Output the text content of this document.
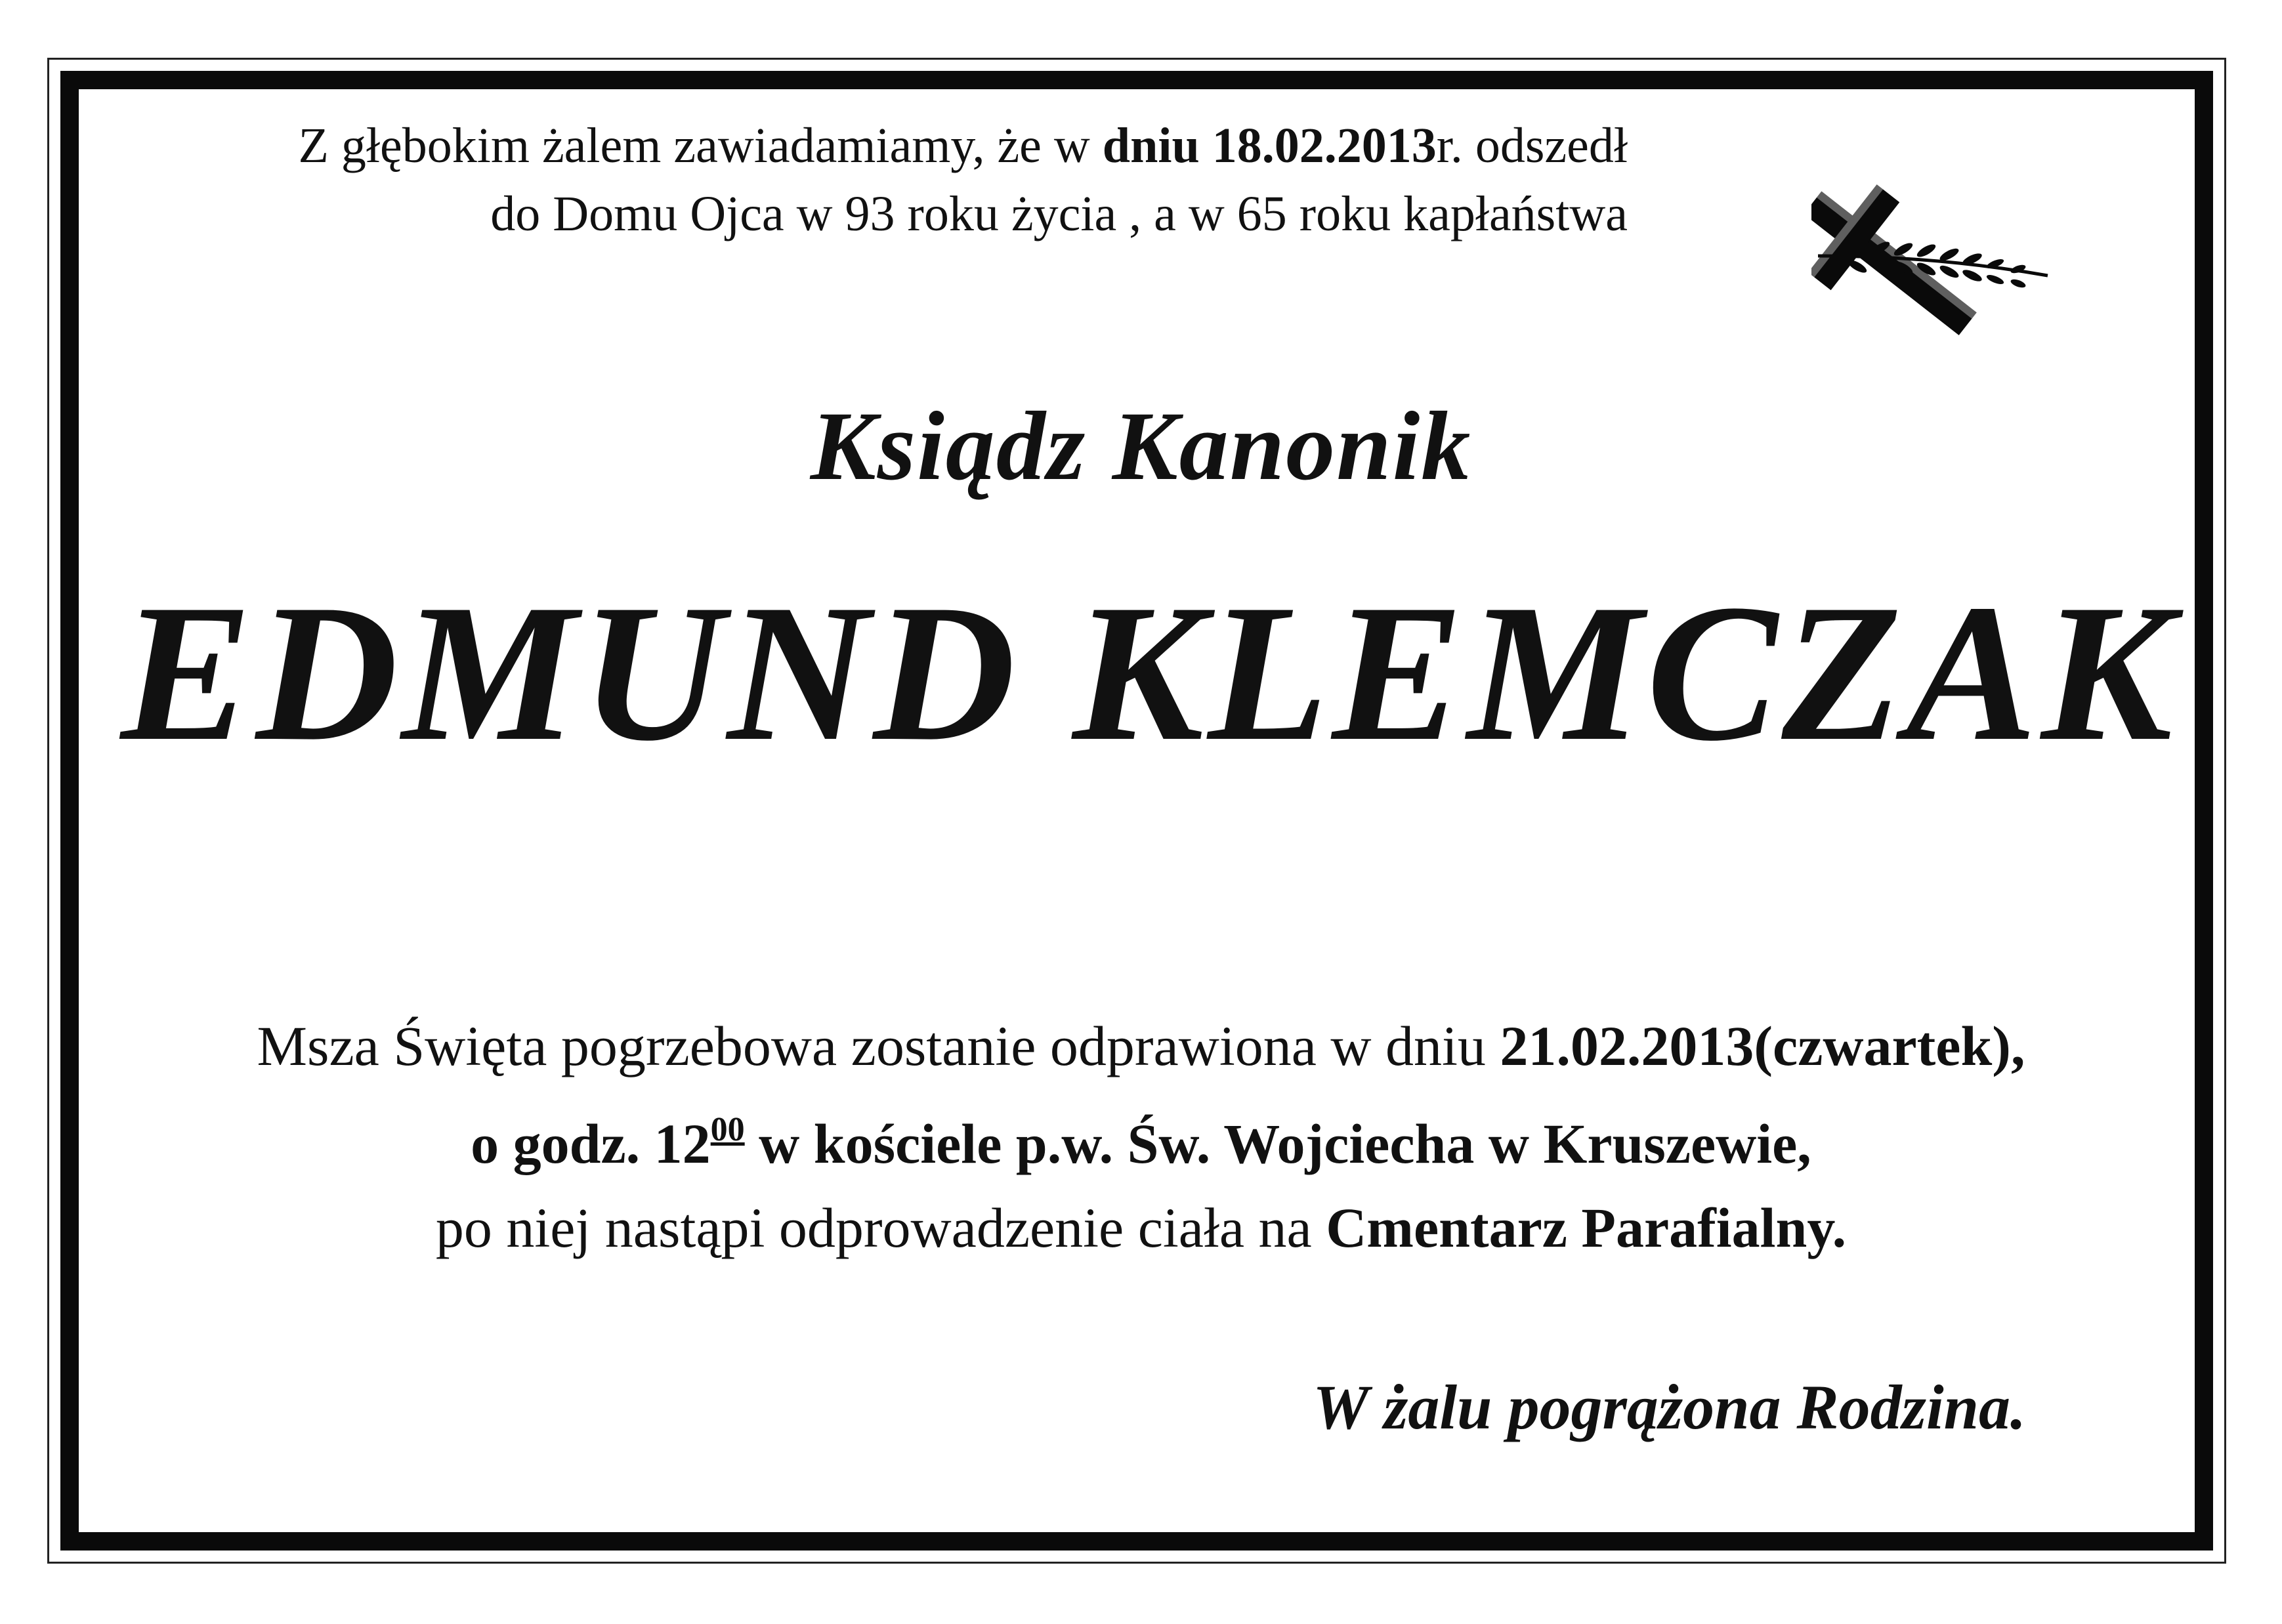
Z głębokim żalem zawiadamiamy, że w dniu 18.02.2013r. odszedł
do Domu Ojca w 93 roku życia , a w 65 roku kapłaństwa
Ksiądz Kanonik
EDMUND KLEMCZAK
Msza Święta pogrzebowa zostanie odprawiona w dniu 21.02.2013(czwartek),
o godz. $12^{00}$ w kościele p.w. Św. Wojciecha w Kruszewie,
po niej nastąpi odprowadzenie ciała na Cmentarz Parafialny.
W żalu pogrążona Rodzina.
